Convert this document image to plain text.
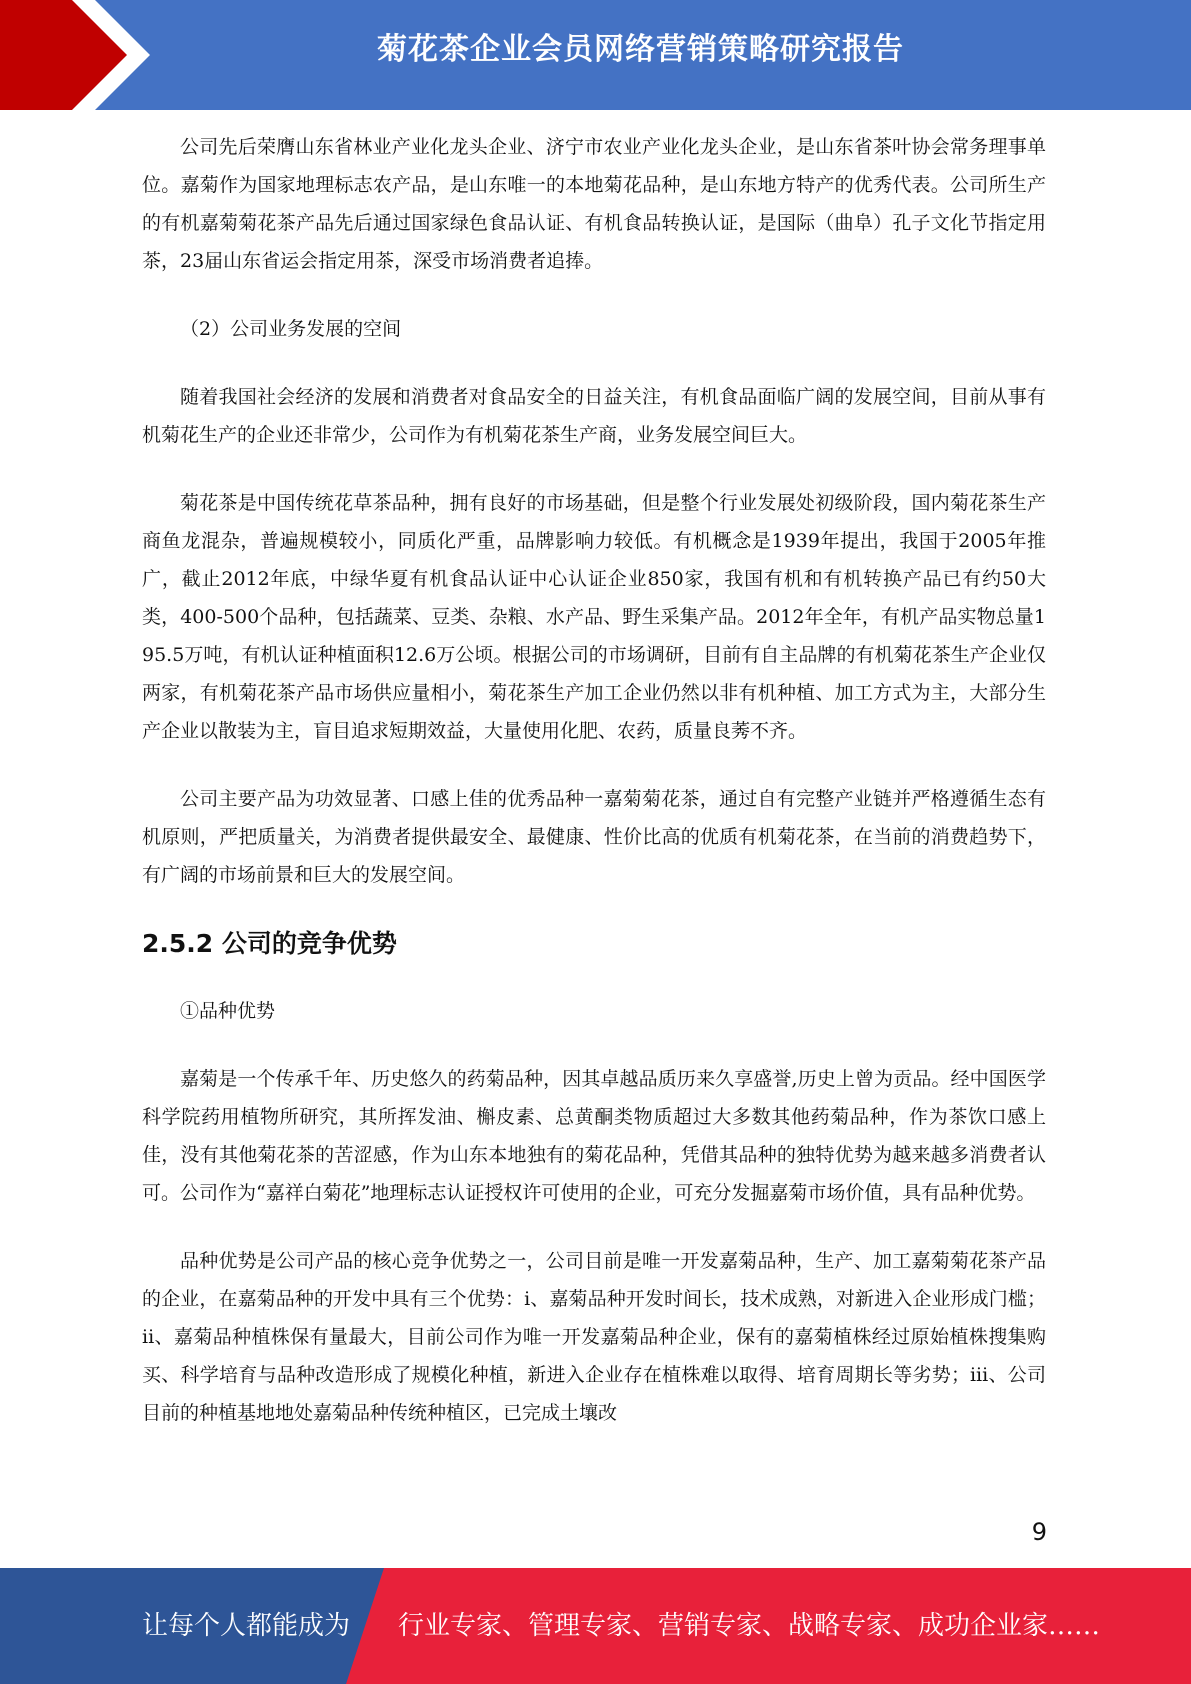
菊花茶企业会员网络营销策略研究报告

公司先后荣膺山东省林业产业化龙头企业、济宁市农业产业化龙头企业，是山东省茶叶协会常务理事单位。嘉菊作为国家地理标志农产品，是山东唯一的本地菊花品种，是山东地方特产的优秀代表。公司所生产的有机嘉菊菊花茶产品先后通过国家绿色食品认证、有机食品转换认证，是国际（曲阜）孔子文化节指定用茶，23届山东省运会指定用茶，深受市场消费者追捧。

（2）公司业务发展的空间

随着我国社会经济的发展和消费者对食品安全的日益关注，有机食品面临广阔的发展空间，目前从事有机菊花生产的企业还非常少，公司作为有机菊花茶生产商，业务发展空间巨大。

菊花茶是中国传统花草茶品种，拥有良好的市场基础，但是整个行业发展处初级阶段，国内菊花茶生产商鱼龙混杂，普遍规模较小，同质化严重，品牌影响力较低。有机概念是1939年提出，我国于2005年推广，截止2012年底，中绿华夏有机食品认证中心认证企业850家，我国有机和有机转换产品已有约50大类，400-500个品种，包括蔬菜、豆类、杂粮、水产品、野生采集产品。2012年全年，有机产品实物总量195.5万吨，有机认证种植面积12.6万公顷。根据公司的市场调研，目前有自主品牌的有机菊花茶生产企业仅两家，有机菊花茶产品市场供应量相小，菊花茶生产加工企业仍然以非有机种植、加工方式为主，大部分生产企业以散装为主，盲目追求短期效益，大量使用化肥、农药，质量良莠不齐。

公司主要产品为功效显著、口感上佳的优秀品种一嘉菊菊花茶，通过自有完整产业链并严格遵循生态有机原则，严把质量关，为消费者提供最安全、最健康、性价比高的优质有机菊花茶，在当前的消费趋势下，有广阔的市场前景和巨大的发展空间。

2.5.2 公司的竞争优势

①品种优势

嘉菊是一个传承千年、历史悠久的药菊品种，因其卓越品质历来久享盛誉,历史上曾为贡品。经中国医学科学院药用植物所研究，其所挥发油、槲皮素、总黄酮类物质超过大多数其他药菊品种，作为茶饮口感上佳，没有其他菊花茶的苦涩感，作为山东本地独有的菊花品种，凭借其品种的独特优势为越来越多消费者认可。公司作为“嘉祥白菊花”地理标志认证授权许可使用的企业，可充分发掘嘉菊市场价值，具有品种优势。

品种优势是公司产品的核心竞争优势之一，公司目前是唯一开发嘉菊品种，生产、加工嘉菊菊花茶产品的企业，在嘉菊品种的开发中具有三个优势：i、嘉菊品种开发时间长，技术成熟，对新进入企业形成门槛；ii、嘉菊品种植株保有量最大，目前公司作为唯一开发嘉菊品种企业，保有的嘉菊植株经过原始植株搜集购买、科学培育与品种改造形成了规模化种植，新进入企业存在植株难以取得、培育周期长等劣势；iii、公司目前的种植基地地处嘉菊品种传统种植区，已完成土壤改

9
让每个人都能成为 行业专家、管理专家、营销专家、战略专家、成功企业家……
